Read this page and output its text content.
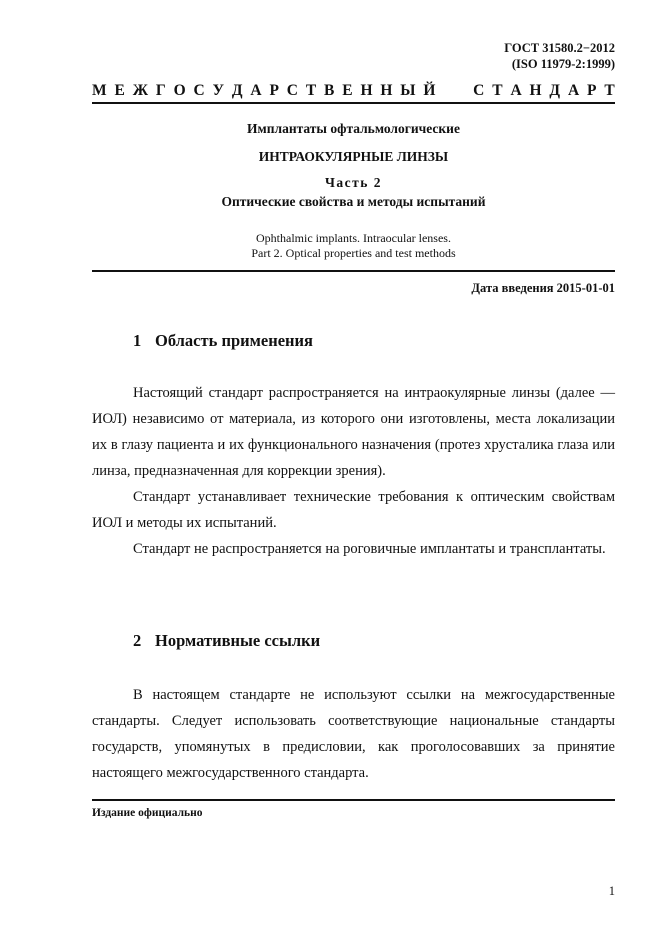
ГОСТ 31580.2−2012
(ISO 11979-2:1999)
М Е Ж Г О С У Д А Р С Т В Е Н Н Ы Й С Т А Н Д А Р Т
Имплантаты офтальмологические
ИНТРАОКУЛЯРНЫЕ ЛИНЗЫ
Часть 2
Оптические свойства и методы испытаний
Ophthalmic implants. Intraocular lenses.
Part 2. Optical properties and test methods
Дата введения 2015-01-01
1 Область применения

Настоящий стандарт распространяется на интраокулярные линзы (далее — ИОЛ) независимо от материала, из которого они изготовлены, места локализации их в глазу пациента и их функционального назначения (протез хрусталика глаза или линза, предназначенная для коррекции зрения).

Стандарт устанавливает технические требования к оптическим свойствам ИОЛ и методы их испытаний.

Стандарт не распространяется на роговичные имплантаты и трансплантаты.

2 Нормативные ссылки

В настоящем стандарте не используют ссылки на межгосударственные стандарты. Следует использовать соответствующие национальные стандарты государств, упомянутых в предисловии, как проголосовавших за принятие настоящего межгосударственного стандарта.

Издание официально
1
